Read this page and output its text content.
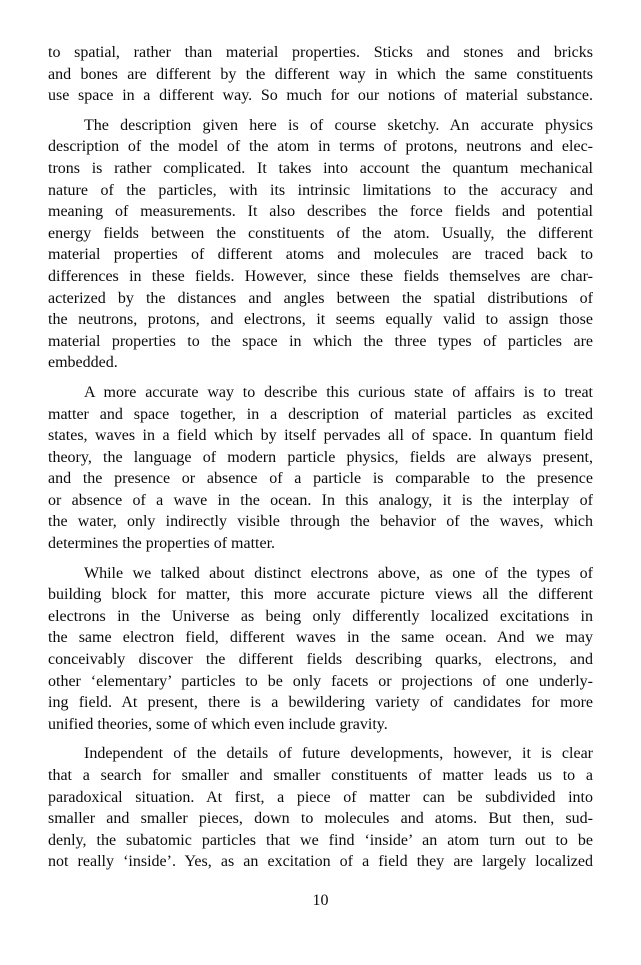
to spatial, rather than material properties. Sticks and stones and bricks
and bones are different by the different way in which the same constituents
use space in a different way. So much for our notions of material substance.
The description given here is of course sketchy. An accurate physics
description of the model of the atom in terms of protons, neutrons and elec-
trons is rather complicated. It takes into account the quantum mechanical
nature of the particles, with its intrinsic limitations to the accuracy and
meaning of measurements. It also describes the force fields and potential
energy fields between the constituents of the atom. Usually, the different
material properties of different atoms and molecules are traced back to
differences in these fields. However, since these fields themselves are char-
acterized by the distances and angles between the spatial distributions of
the neutrons, protons, and electrons, it seems equally valid to assign those
material properties to the space in which the three types of particles are
embedded.
A more accurate way to describe this curious state of affairs is to treat
matter and space together, in a description of material particles as excited
states, waves in a field which by itself pervades all of space. In quantum field
theory, the language of modern particle physics, fields are always present,
and the presence or absence of a particle is comparable to the presence
or absence of a wave in the ocean. In this analogy, it is the interplay of
the water, only indirectly visible through the behavior of the waves, which
determines the properties of matter.
While we talked about distinct electrons above, as one of the types of
building block for matter, this more accurate picture views all the different
electrons in the Universe as being only differently localized excitations in
the same electron field, different waves in the same ocean. And we may
conceivably discover the different fields describing quarks, electrons, and
other ‘elementary’ particles to be only facets or projections of one underly-
ing field. At present, there is a bewildering variety of candidates for more
unified theories, some of which even include gravity.
Independent of the details of future developments, however, it is clear
that a search for smaller and smaller constituents of matter leads us to a
paradoxical situation. At first, a piece of matter can be subdivided into
smaller and smaller pieces, down to molecules and atoms. But then, sud-
denly, the subatomic particles that we find ‘inside’ an atom turn out to be
not really ‘inside’. Yes, as an excitation of a field they are largely localized
10
